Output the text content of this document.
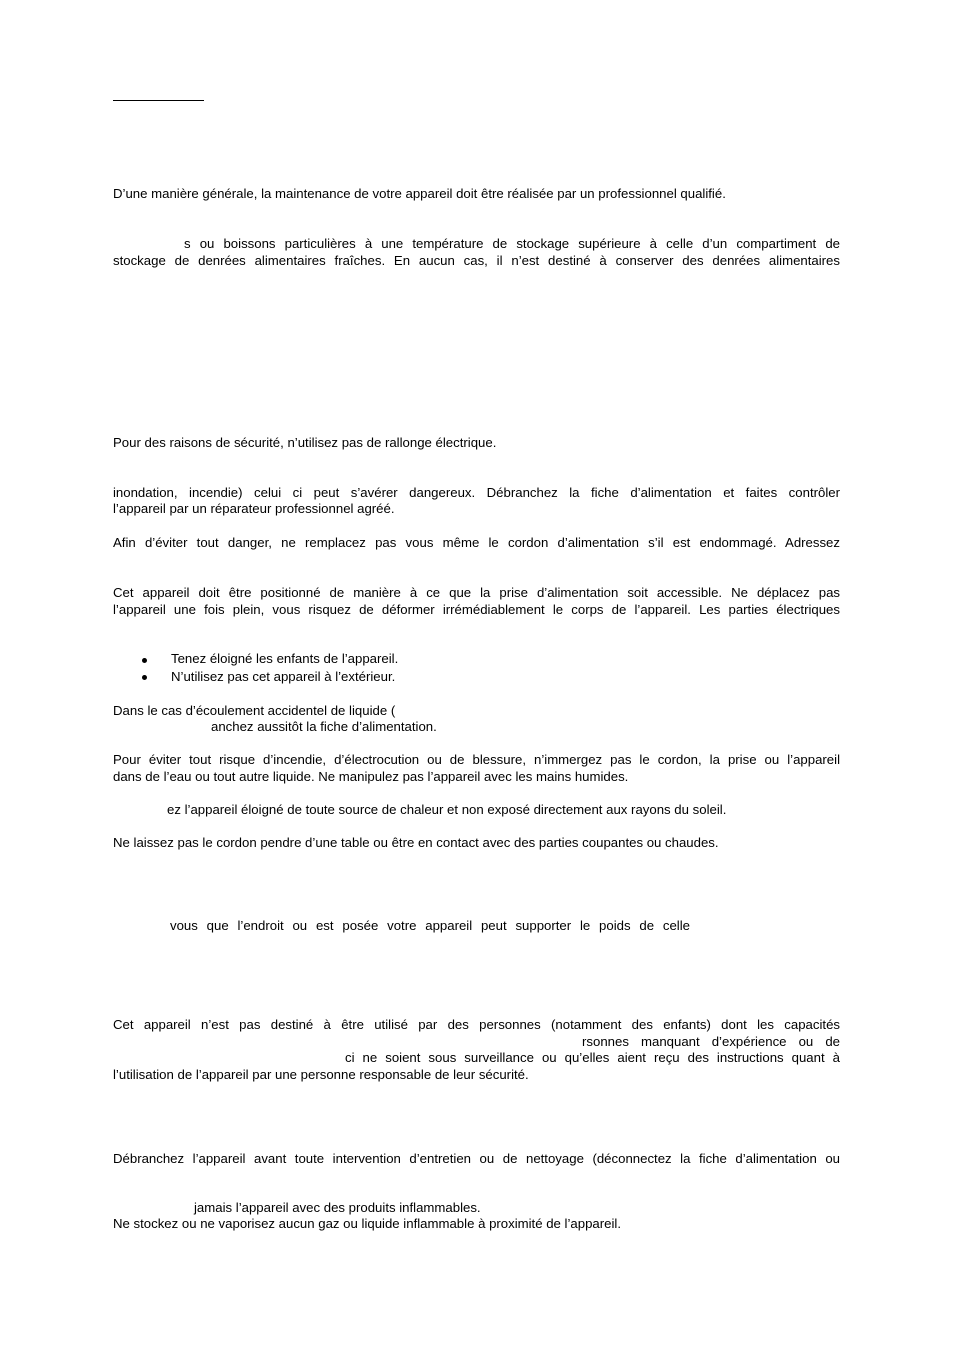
D’une manière générale, la maintenance de votre appareil doit être réalisée par un professionnel qualifié.
s ou boissons particulières à une température de stockage supérieure à celle d’un compartiment de
stockage de denrées alimentaires fraîches. En aucun cas, il n’est destiné à conserver des denrées alimentaires
Pour des raisons de sécurité, n’utilisez pas de rallonge électrique.
inondation, incendie) celui ci peut s’avérer dangereux. Débranchez la fiche d’alimentation et faites contrôler
l’appareil par un réparateur professionnel agréé.
Afin d’éviter tout danger, ne remplacez pas vous même le cordon d’alimentation s’il est endommagé. Adressez
Cet appareil doit être positionné de manière à ce que la prise d’alimentation soit accessible. Ne déplacez pas
l’appareil une fois plein, vous risquez de déformer irrémédiablement le corps de l’appareil. Les parties électriques
Tenez éloigné les enfants de l’appareil.
N’utilisez pas cet appareil à l’extérieur.
Dans le cas d’écoulement accidentel de liquide (
anchez aussitôt la fiche d’alimentation.
Pour éviter tout risque d’incendie, d’électrocution ou de blessure, n’immergez pas le cordon, la prise ou l’appareil
dans de l’eau ou tout autre liquide. Ne manipulez pas l’appareil avec les mains humides.
ez l’appareil éloigné de toute source de chaleur et non exposé directement aux rayons du soleil.
Ne laissez pas le cordon pendre d’une table ou être en contact avec des parties coupantes ou chaudes.
vous que l’endroit ou est posée votre appareil peut supporter le poids de celle
Cet appareil n’est pas destiné à être utilisé par des personnes (notamment des enfants) dont les capacités
rsonnes manquant d’expérience ou de
ci ne soient sous surveillance ou qu’elles aient reçu des instructions quant à
l’utilisation de l’appareil par une personne responsable de leur sécurité.
Débranchez l’appareil avant toute intervention d’entretien ou de nettoyage (déconnectez la fiche d’alimentation ou
jamais l’appareil avec des produits inflammables.
Ne stockez ou ne vaporisez aucun gaz ou liquide inflammable à proximité de l’appareil.
